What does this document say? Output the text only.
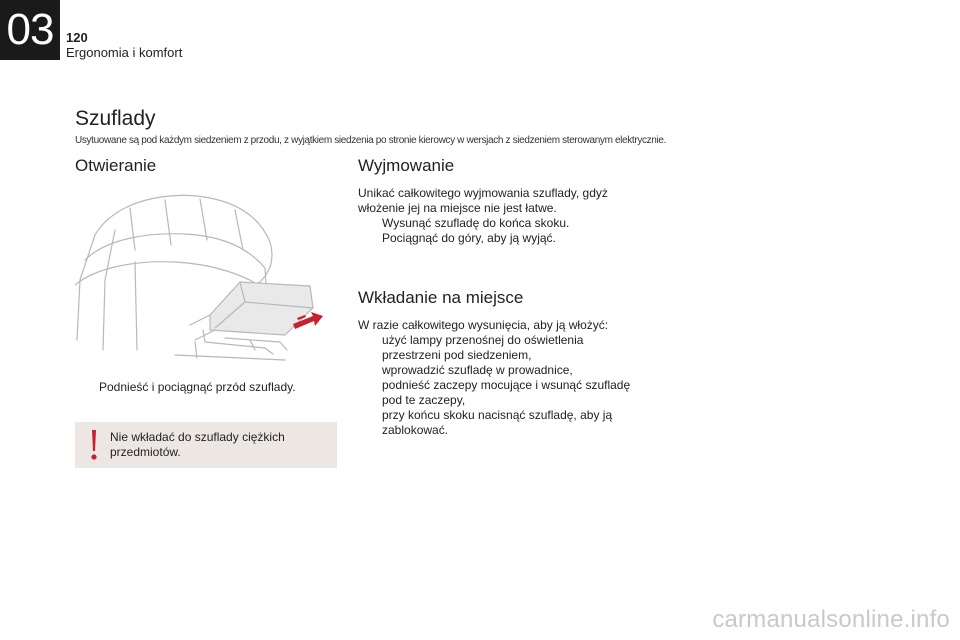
03 120
Ergonomia i komfort
Szuflady
Usytuowane są pod każdym siedzeniem z przodu, z wyjątkiem siedzenia po stronie kierowcy w wersjach z siedzeniem sterowanym elektrycznie.
Otwieranie
Podnieść i pociągnąć przód szuflady.
Nie wkładać do szuflady ciężkich przedmiotów.
Wyjmowanie

Unikać całkowitego wyjmowania szuflady, gdyż włożenie jej na miejsce nie jest łatwe.

Wysunąć szufladę do końca skoku.
Pociągnąć do góry, aby ją wyjąć.
Wkładanie na miejsce

W razie całkowitego wysunięcia, aby ją włożyć:

użyć lampy przenośnej do oświetlenia przestrzeni pod siedzeniem,
wprowadzić szufladę w prowadnice,
podnieść zaczepy mocujące i wsunąć szufladę pod te zaczepy,
przy końcu skoku nacisnąć szufladę, aby ją zablokować.
carmanualsonline.info
